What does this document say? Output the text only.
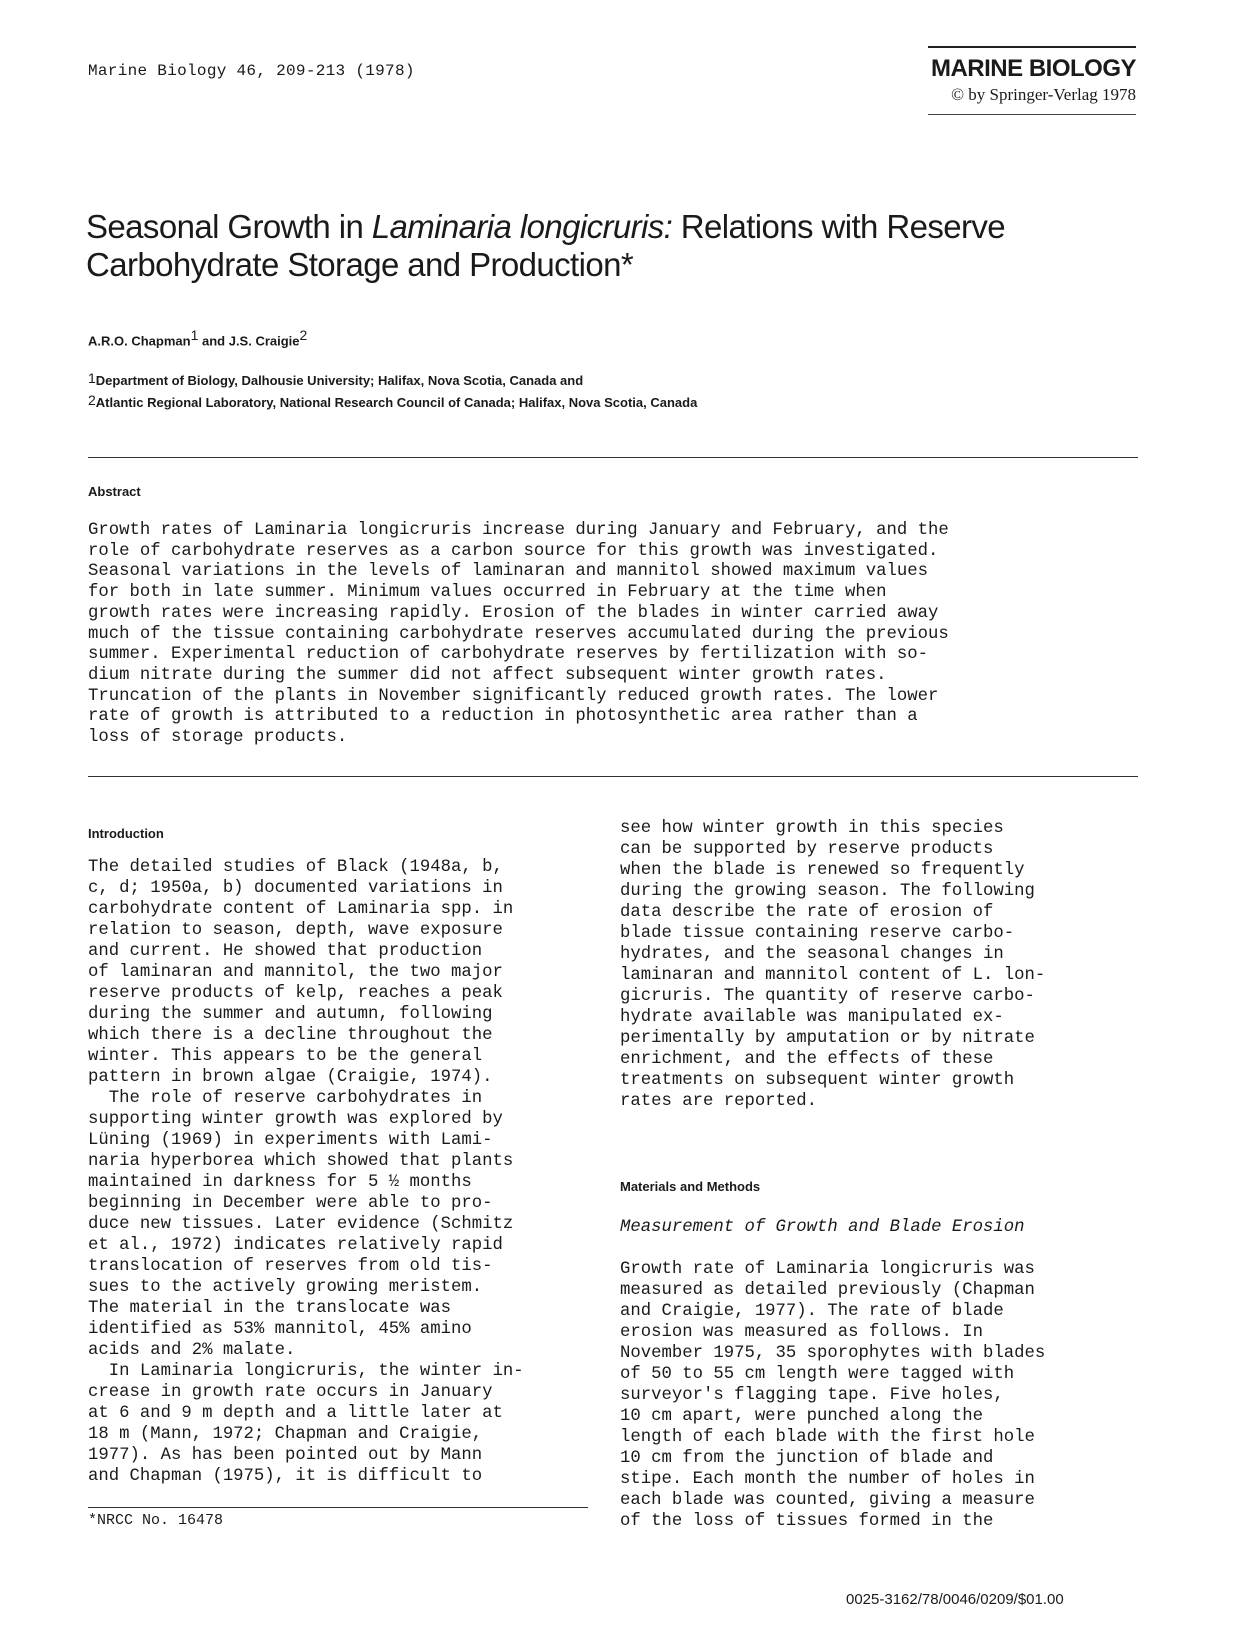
Marine Biology 46, 209-213 (1978)	MARINE BIOLOGY
© by Springer-Verlag 1978
Seasonal Growth in Laminaria longicruris: Relations with Reserve
Carbohydrate Storage and Production*
A.R.O. Chapman$^1$ and J.S. Craigie$^2$
$^1$Department of Biology, Dalhousie University; Halifax, Nova Scotia, Canada and
$^2$Atlantic Regional Laboratory, National Research Council of Canada; Halifax, Nova Scotia, Canada
Abstract
Growth rates of Laminaria longicruris increase during January and February, and the
role of carbohydrate reserves as a carbon source for this growth was investigated.
Seasonal variations in the levels of laminaran and mannitol showed maximum values
for both in late summer. Minimum values occurred in February at the time when
growth rates were increasing rapidly. Erosion of the blades in winter carried away
much of the tissue containing carbohydrate reserves accumulated during the previous
summer. Experimental reduction of carbohydrate reserves by fertilization with so-
dium nitrate during the summer did not affect subsequent winter growth rates.
Truncation of the plants in November significantly reduced growth rates. The lower
rate of growth is attributed to a reduction in photosynthetic area rather than a
loss of storage products.
Introduction
The detailed studies of Black (1948a, b,
c, d; 1950a, b) documented variations in
carbohydrate content of Laminaria spp. in
relation to season, depth, wave exposure
and current. He showed that production
of laminaran and mannitol, the two major
reserve products of kelp, reaches a peak
during the summer and autumn, following
which there is a decline throughout the
winter. This appears to be the general
pattern in brown algae (Craigie, 1974).
The role of reserve carbohydrates in
supporting winter growth was explored by
Lüning (1969) in experiments with Lami-
naria hyperborea which showed that plants
maintained in darkness for 5 ½ months
beginning in December were able to pro-
duce new tissues. Later evidence (Schmitz
et al., 1972) indicates relatively rapid
translocation of reserves from old tis-
sues to the actively growing meristem.
The material in the translocate was
identified as 53% mannitol, 45% amino
acids and 2% malate.
In Laminaria longicruris, the winter in-
crease in growth rate occurs in January
at 6 and 9 m depth and a little later at
18 m (Mann, 1972; Chapman and Craigie,
1977). As has been pointed out by Mann
and Chapman (1975), it is difficult to
see how winter growth in this species
can be supported by reserve products
when the blade is renewed so frequently
during the growing season. The following
data describe the rate of erosion of
blade tissue containing reserve carbo-
hydrates, and the seasonal changes in
laminaran and mannitol content of L. lon-
gicruris. The quantity of reserve carbo-
hydrate available was manipulated ex-
perimentally by amputation or by nitrate
enrichment, and the effects of these
treatments on subsequent winter growth
rates are reported.
Materials and Methods
Measurement of Growth and Blade Erosion
Growth rate of Laminaria longicruris was
measured as detailed previously (Chapman
and Craigie, 1977). The rate of blade
erosion was measured as follows. In
November 1975, 35 sporophytes with blades
of 50 to 55 cm length were tagged with
surveyor's flagging tape. Five holes,
10 cm apart, were punched along the
length of each blade with the first hole
10 cm from the junction of blade and
stipe. Each month the number of holes in
each blade was counted, giving a measure
of the loss of tissues formed in the
*NRCC No. 16478
0025-3162/78/0046/0209/$01.00
